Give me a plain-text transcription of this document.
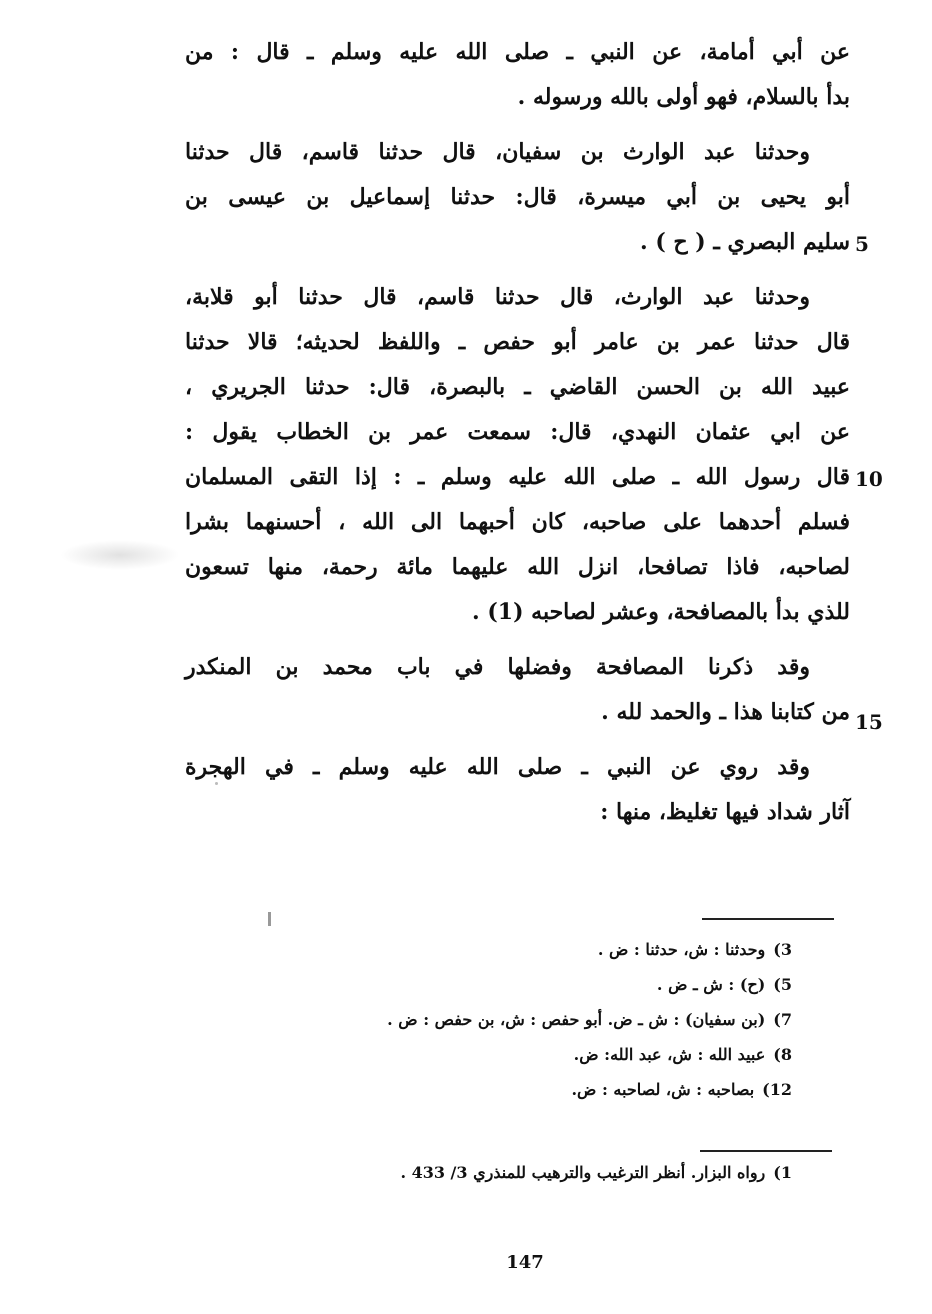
عن أبي أمامة، عن النبي ـ صلى الله عليه وسلم ـ قال : من
بدأ بالسلام، فهو أولى بالله ورسوله .
وحدثنا عبد الوارث بن سفيان، قال حدثنا قاسم، قال حدثنا
أبو يحيى بن أبي ميسرة، قال: حدثنا إسماعيل بن عيسى بن
سليم البصري ـ ( ح ) .
وحدثنا عبد الوارث، قال حدثنا قاسم، قال حدثنا أبو قلابة،
قال حدثنا عمر بن عامر أبو حفص ـ واللفظ لحديثه؛ قالا حدثنا
عبيد الله بن الحسن القاضي ـ بالبصرة، قال: حدثنا الجريري ،
عن ابي عثمان النهدي، قال: سمعت عمر بن الخطاب يقول :
قال رسول الله ـ صلى الله عليه وسلم ـ : إذا التقى المسلمان
فسلم أحدهما على صاحبه، كان أحبهما الى الله ، أحسنهما بشرا
لصاحبه، فاذا تصافحا، انزل الله عليهما مائة رحمة، منها تسعون
للذي بدأ بالمصافحة، وعشر لصاحبه (1) .
وقد ذكرنا المصافحة وفضلها في باب محمد بن المنكدر
من كتابنا هذا ـ والحمد لله .
وقد روي عن النبي ـ صلى الله عليه وسلم ـ في الهجرة
آثار شداد فيها تغليظ، منها :
5
10
15
3)وحدثنا : ش، حدثنا : ض .
5)(ح) : ش ـ ض .
7)(بن سفيان) : ش ـ ض. أبو حفص : ش، بن حفص : ض .
8)عبيد الله : ش، عبد الله: ض.
12)بصاحبه : ش، لصاحبه : ض.
1)رواه البزار. أنظر الترغيب والترهيب للمنذري 3/ 433 .
147
